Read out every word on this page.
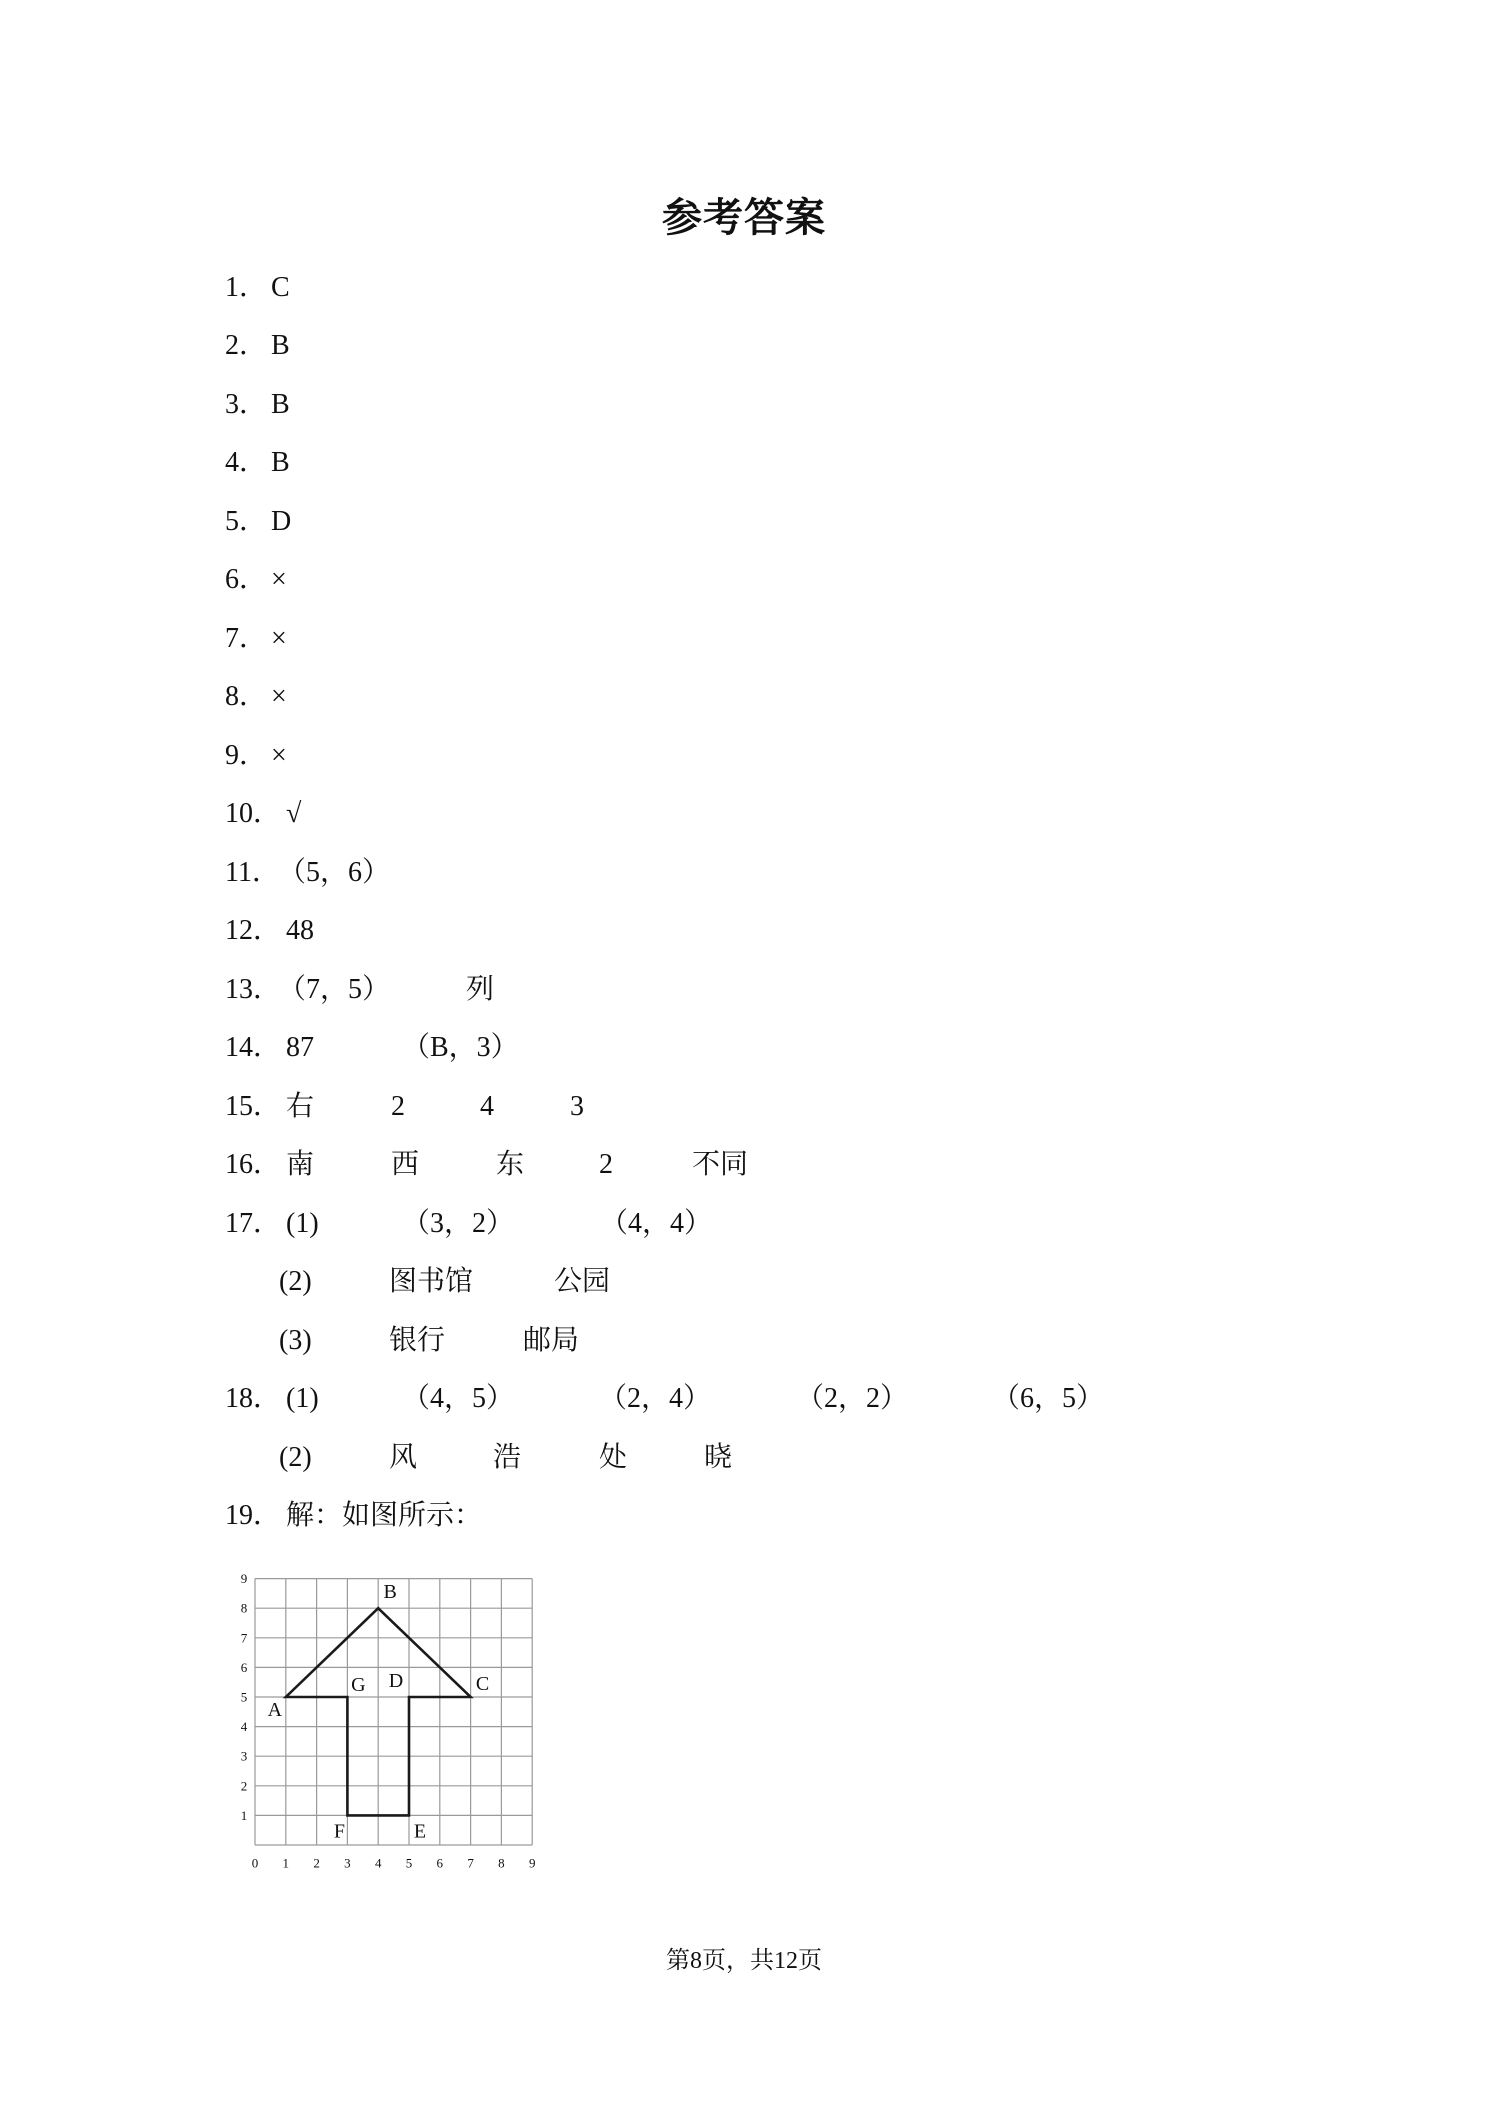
参考答案
1． C
2． B
3． B
4． B
5． D
6． ×
7． ×
8． ×
9． ×
10． √
11．
（5，6）
12． 48
13．
（7，5）	列
14． 87	（B，3）
15． 右	2	4	3
16． 南	西	东	2	不同
17． (1)	（3，2）	（4，4）
(2)	图书馆	公园
(3)	银行	邮局
18． (1)	（4，5）	（2，4）	（2，2）	（6，5）
(2)	风	浩	处	晓
19． 解：如图所示：
0 1 2 3 4 5 6 7 8 9
1
2
3
4
5
6
7
8
9
A
B
C
D
E
F
G
第8页，共12页
